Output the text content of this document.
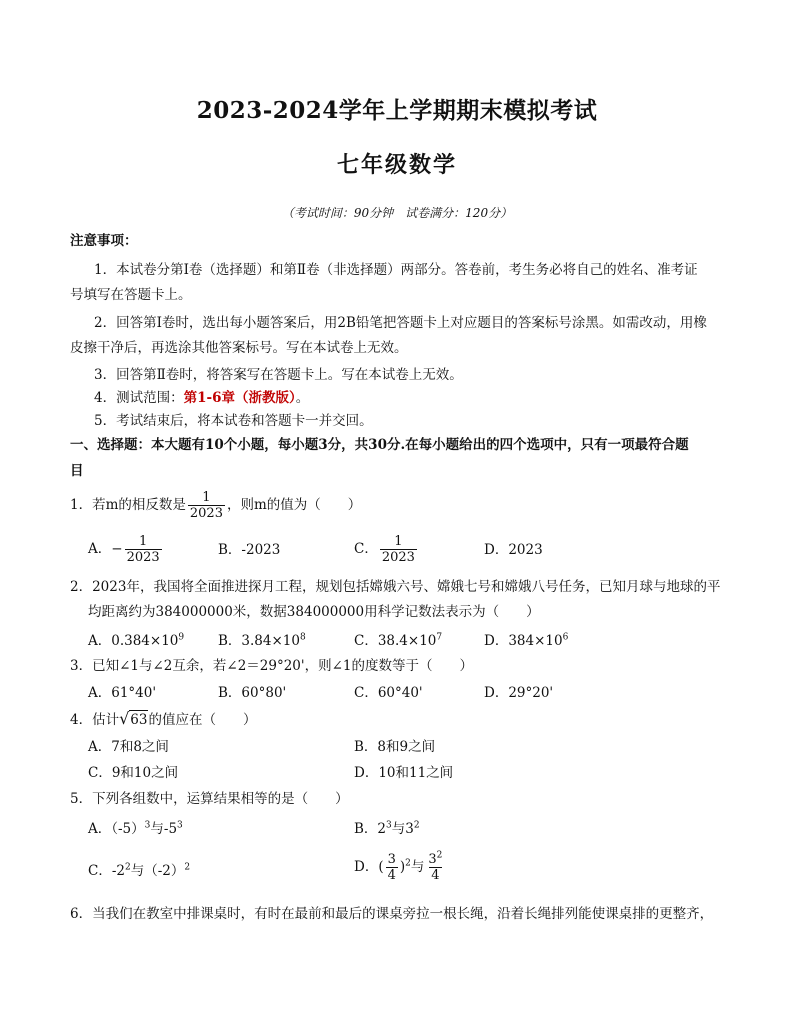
2023-2024学年上学期期末模拟考试
七年级数学
（考试时间：90分钟　试卷满分：120分）
注意事项：
1．本试卷分第Ⅰ卷（选择题）和第Ⅱ卷（非选择题）两部分。答卷前，考生务必将自己的姓名、准考证
号填写在答题卡上。
2．回答第Ⅰ卷时，选出每小题答案后，用2B铅笔把答题卡上对应题目的答案标号涂黑。如需改动，用橡
皮擦干净后，再选涂其他答案标号。写在本试卷上无效。
3．回答第Ⅱ卷时，将答案写在答题卡上。写在本试卷上无效。
4．测试范围：第1-6章（浙教版）。
5．考试结束后，将本试卷和答题卡一并交回。
一、选择题：本大题有10个小题，每小题3分，共30分.在每小题给出的四个选项中，只有一项最符合题
目
1．若m的相反数是 $\frac{1}{2023}$ ，则m的值为（　　）
A．− $\frac{1}{2023}$	B．-2023	C． $\frac{1}{2023}$	D．2023
2．2023年，我国将全面推进探月工程，规划包括嫦娥六号、嫦娥七号和嫦娥八号任务，已知月球与地球的平
均距离约为384000000米，数据384000000用科学记数法表示为（　　）
A．$0.384\times 10^9$	B．$3.84\times 10^8$	C．$38.4\times 10^7$	D．$384\times 10^6$
3．已知∠1与∠2互余，若∠2＝29°20'，则∠1的度数等于（　　）
A．61°40'	B．60°80'	C．60°40'	D．29°20'
4．估计√63的值应在（　　）
A．7和8之间	B．8和9之间
C．9和10之间	D．10和11之间
5．下列各组数中，运算结果相等的是（　　）
A．$(-5)^3$与$-5^3$	B．$2^3$与$3^2$
C．$-2^2$与$(-2)^2$	D．( $\frac{3}{4} )^2$与 $\frac{3^2}{4}$
6．当我们在教室中排课桌时，有时在最前和最后的课桌旁拉一根长绳，沿着长绳排列能使课桌排的更整齐，
